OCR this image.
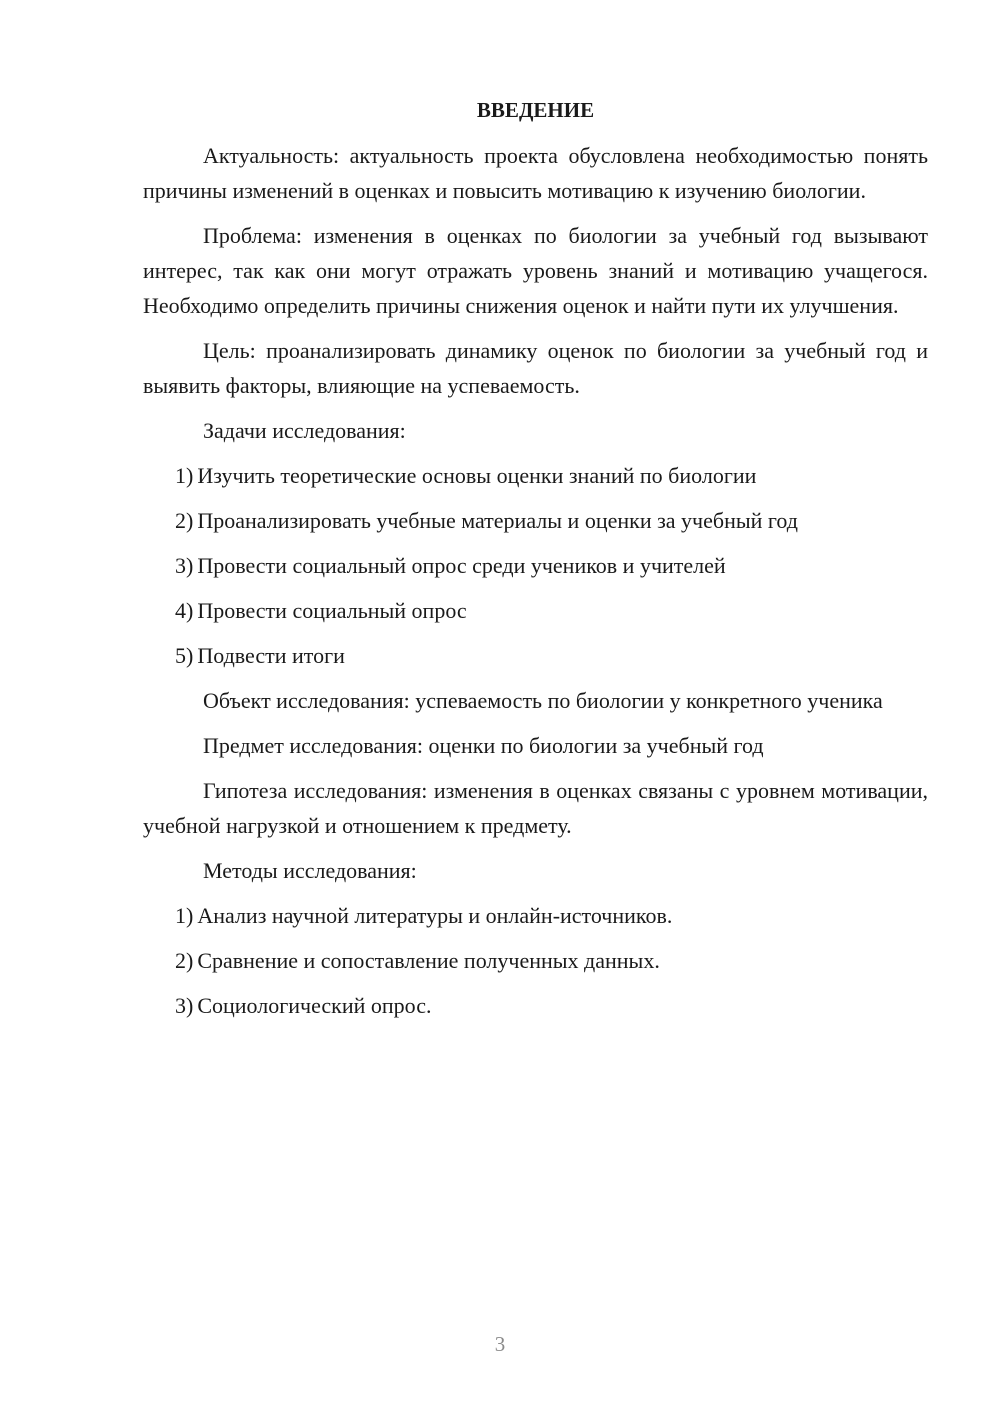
ВВЕДЕНИЕ

Актуальность: актуальность проекта обусловлена необходимостью понять причины изменений в оценках и повысить мотивацию к изучению биологии.

Проблема: изменения в оценках по биологии за учебный год вызывают интерес, так как они могут отражать уровень знаний и мотивацию учащегося. Необходимо определить причины снижения оценок и найти пути их улучшения.

Цель: проанализировать динамику оценок по биологии за учебный год и выявить факторы, влияющие на успеваемость.

Задачи исследования:

1) Изучить теоретические основы оценки знаний по биологии
2) Проанализировать учебные материалы и оценки за учебный год
3) Провести социальный опрос среди учеников и учителей
4) Провести социальный опрос
5) Подвести итоги

Объект исследования: успеваемость по биологии у конкретного ученика

Предмет исследования: оценки по биологии за учебный год

Гипотеза исследования: изменения в оценках связаны с уровнем мотивации, учебной нагрузкой и отношением к предмету.

Методы исследования:

1) Анализ научной литературы и онлайн-источников.
2) Сравнение и сопоставление полученных данных.
3) Социологический опрос.
3
